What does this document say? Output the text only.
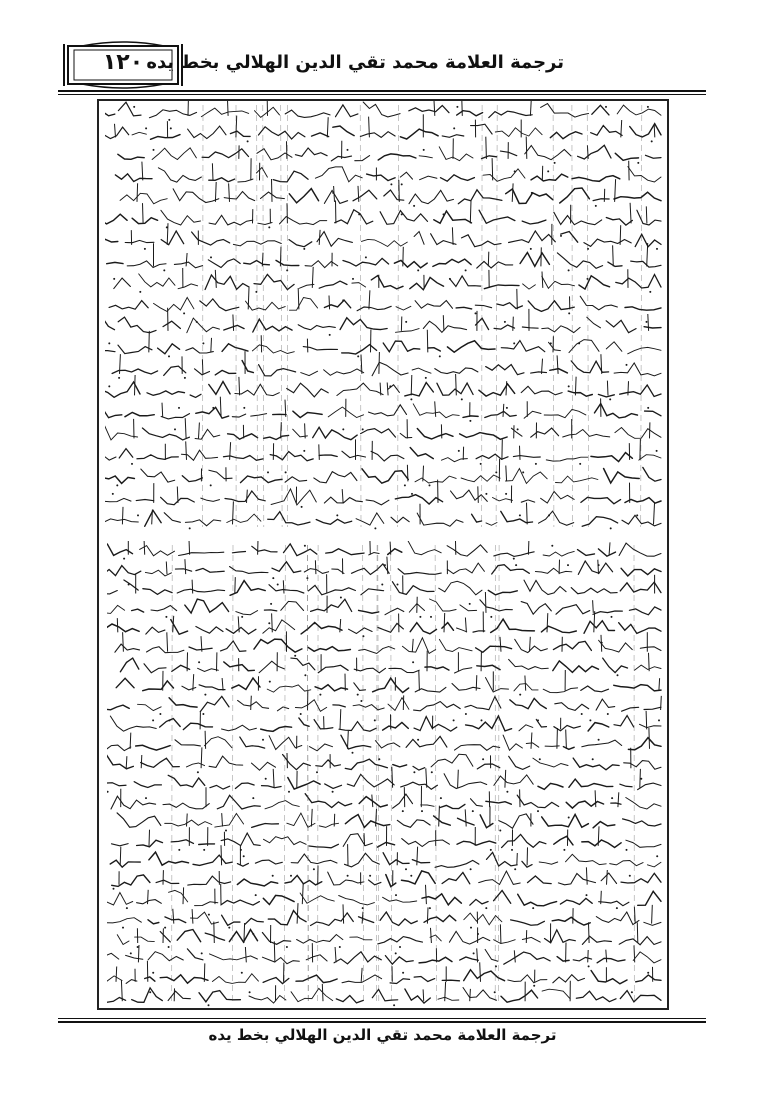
١٢٠ ترجمة العلامة محمد تقي الدين الهلالي بخط يده
ترجمة العلامة محمد تقي الدين الهلالي بخط يده
